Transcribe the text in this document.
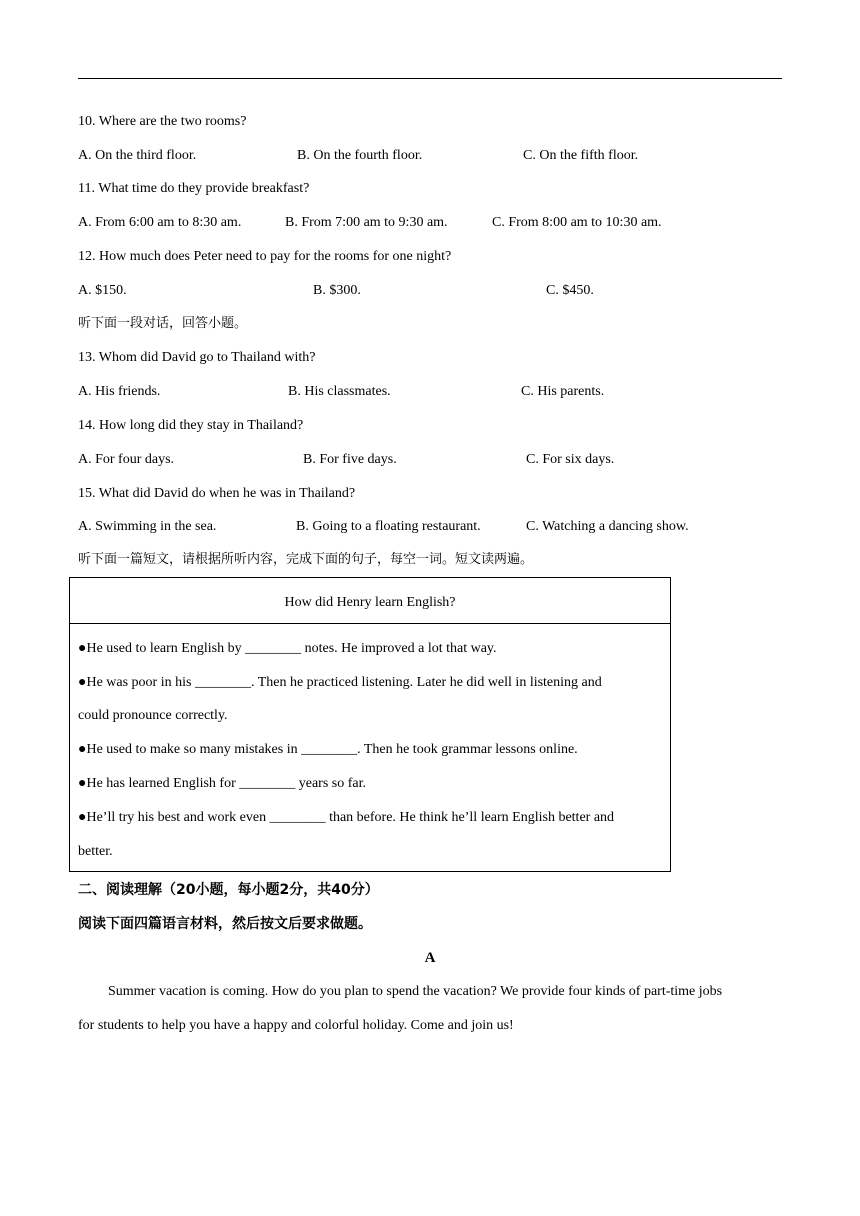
10. Where are the two rooms?
A. On the third floor.	B. On the fourth floor.	C. On the fifth floor.
11. What time do they provide breakfast?
A. From 6:00 am to 8:30 am.	B. From 7:00 am to 9:30 am.	C. From 8:00 am to 10:30 am.
12. How much does Peter need to pay for the rooms for one night?
A. $150.	B. $300.	C. $450.
听下面一段对话，回答小题。
13. Whom did David go to Thailand with?
A. His friends.	B. His classmates.	C. His parents.
14. How long did they stay in Thailand?
A. For four days.	B. For five days.	C. For six days.
15. What did David do when he was in Thailand?
A. Swimming in the sea.	B. Going to a floating restaurant.	C. Watching a dancing show.
听下面一篇短文，请根据所听内容，完成下面的句子，每空一词。短文读两遍。
How did Henry learn English?
●He used to learn English by ________ notes. He improved a lot that way.
●He was poor in his ________. Then he practiced listening. Later he did well in listening and
could pronounce correctly.
●He used to make so many mistakes in ________. Then he took grammar lessons online.
●He has learned English for ________ years so far.
●He’ll try his best and work even ________ than before. He think he’ll learn English better and
better.
二、阅读理解（20小题，每小题2分，共40分）
阅读下面四篇语言材料，然后按文后要求做题。
A
Summer vacation is coming. How do you plan to spend the vacation? We provide four kinds of part-time jobs
for students to help you have a happy and colorful holiday. Come and join us!
